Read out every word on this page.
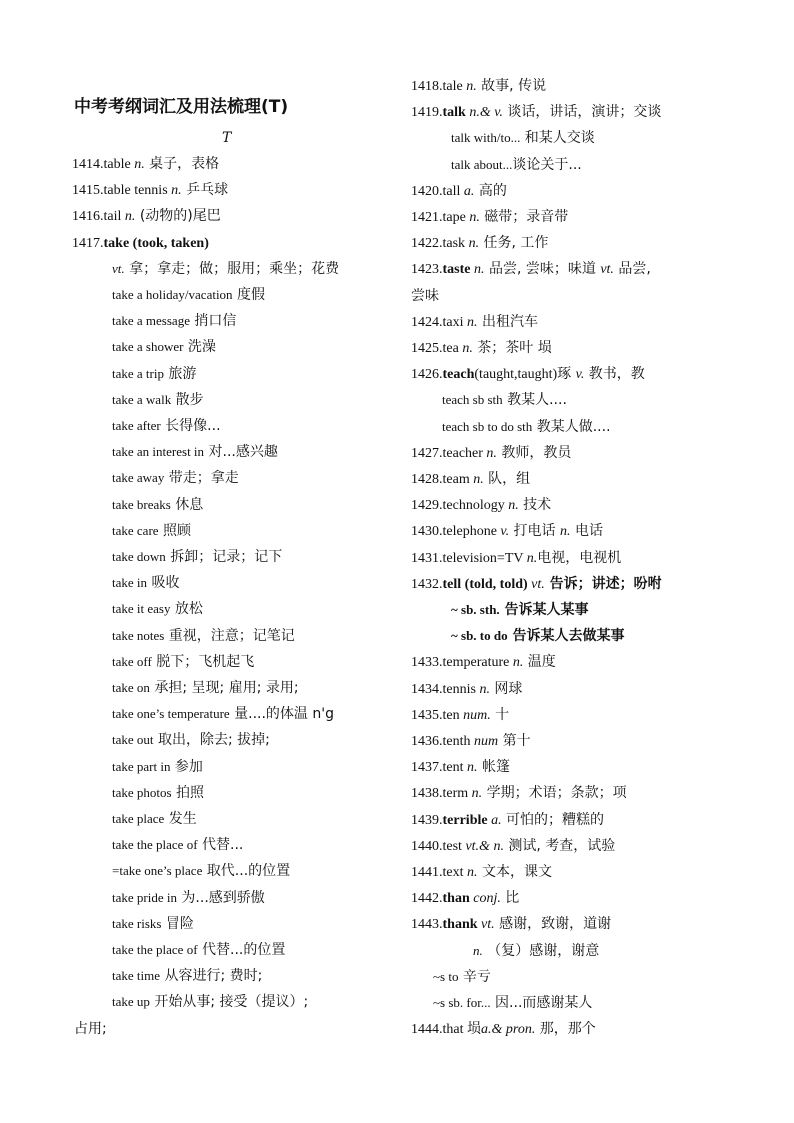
中考考纲词汇及用法梳理(T)
T
1414.table n. 桌子，表格
1415.table tennis n. 乒乓球
1416.tail n. (动物的)尾巴
1417.take (took, taken)
vt. 拿；拿走；做；服用；乘坐；花费
take a holiday/vacation 度假
take a message 捎口信
take a shower 洗澡
take a trip 旅游
take a walk 散步
take after 长得像...
take an interest in 对...感兴趣
take away 带走；拿走
take breaks 休息
take care 照顾
take down 拆卸；记录；记下
take in 吸收
take it easy 放松
take notes 重视，注意；记笔记
take off 脱下；飞机起飞
take on 承担; 呈现; 雇用; 录用;
take one’s temperature 量....的体温 n'g
take out 取出，除去; 拔掉;
take part in 参加
take photos 拍照
take place 发生
take the place of 代替...
=take one’s place 取代...的位置
take pride in 为...感到骄傲
take risks 冒险
take the place of 代替...的位置
take time 从容进行; 费时;
take up 开始从事; 接受（提议）;
占用;
1418.tale n. 故事, 传说
1419.talk n.& v. 谈话，讲话，演讲；交谈
talk with/to... 和某人交谈
talk about...谈论关于...
1420.tall a. 高的
1421.tape n. 磁带；录音带
1422.task n. 任务, 工作
1423.taste n. 品尝, 尝味；味道 vt. 品尝,
尝味
1424.taxi n. 出租汽车
1425.tea n. 茶；茶叶 埙
1426.teach(taught,taught)琢 v. 教书，教
teach sb sth 教某人....
teach sb to do sth 教某人做....
1427.teacher n. 教师，教员
1428.team n. 队，组
1429.technology n. 技术
1430.telephone v. 打电话 n. 电话
1431.television=TV n.电视，电视机
1432.tell (told, told) vt. 告诉；讲述；吩咐
~ sb. sth. 告诉某人某事
~ sb. to do 告诉某人去做某事
1433.temperature n. 温度
1434.tennis n. 网球
1435.ten num. 十
1436.tenth num 第十
1437.tent n. 帐篷
1438.term n. 学期；术语；条款；项
1439.terrible a. 可怕的；糟糕的
1440.test vt.& n. 测试, 考查，试验
1441.text n. 文本，课文
1442.than conj. 比
1443.thank vt. 感谢，致谢，道谢
n. （复）感谢，谢意
~s to 辛亏
~s sb. for... 因...而感谢某人
1444.that 埙a.& pron. 那，那个
